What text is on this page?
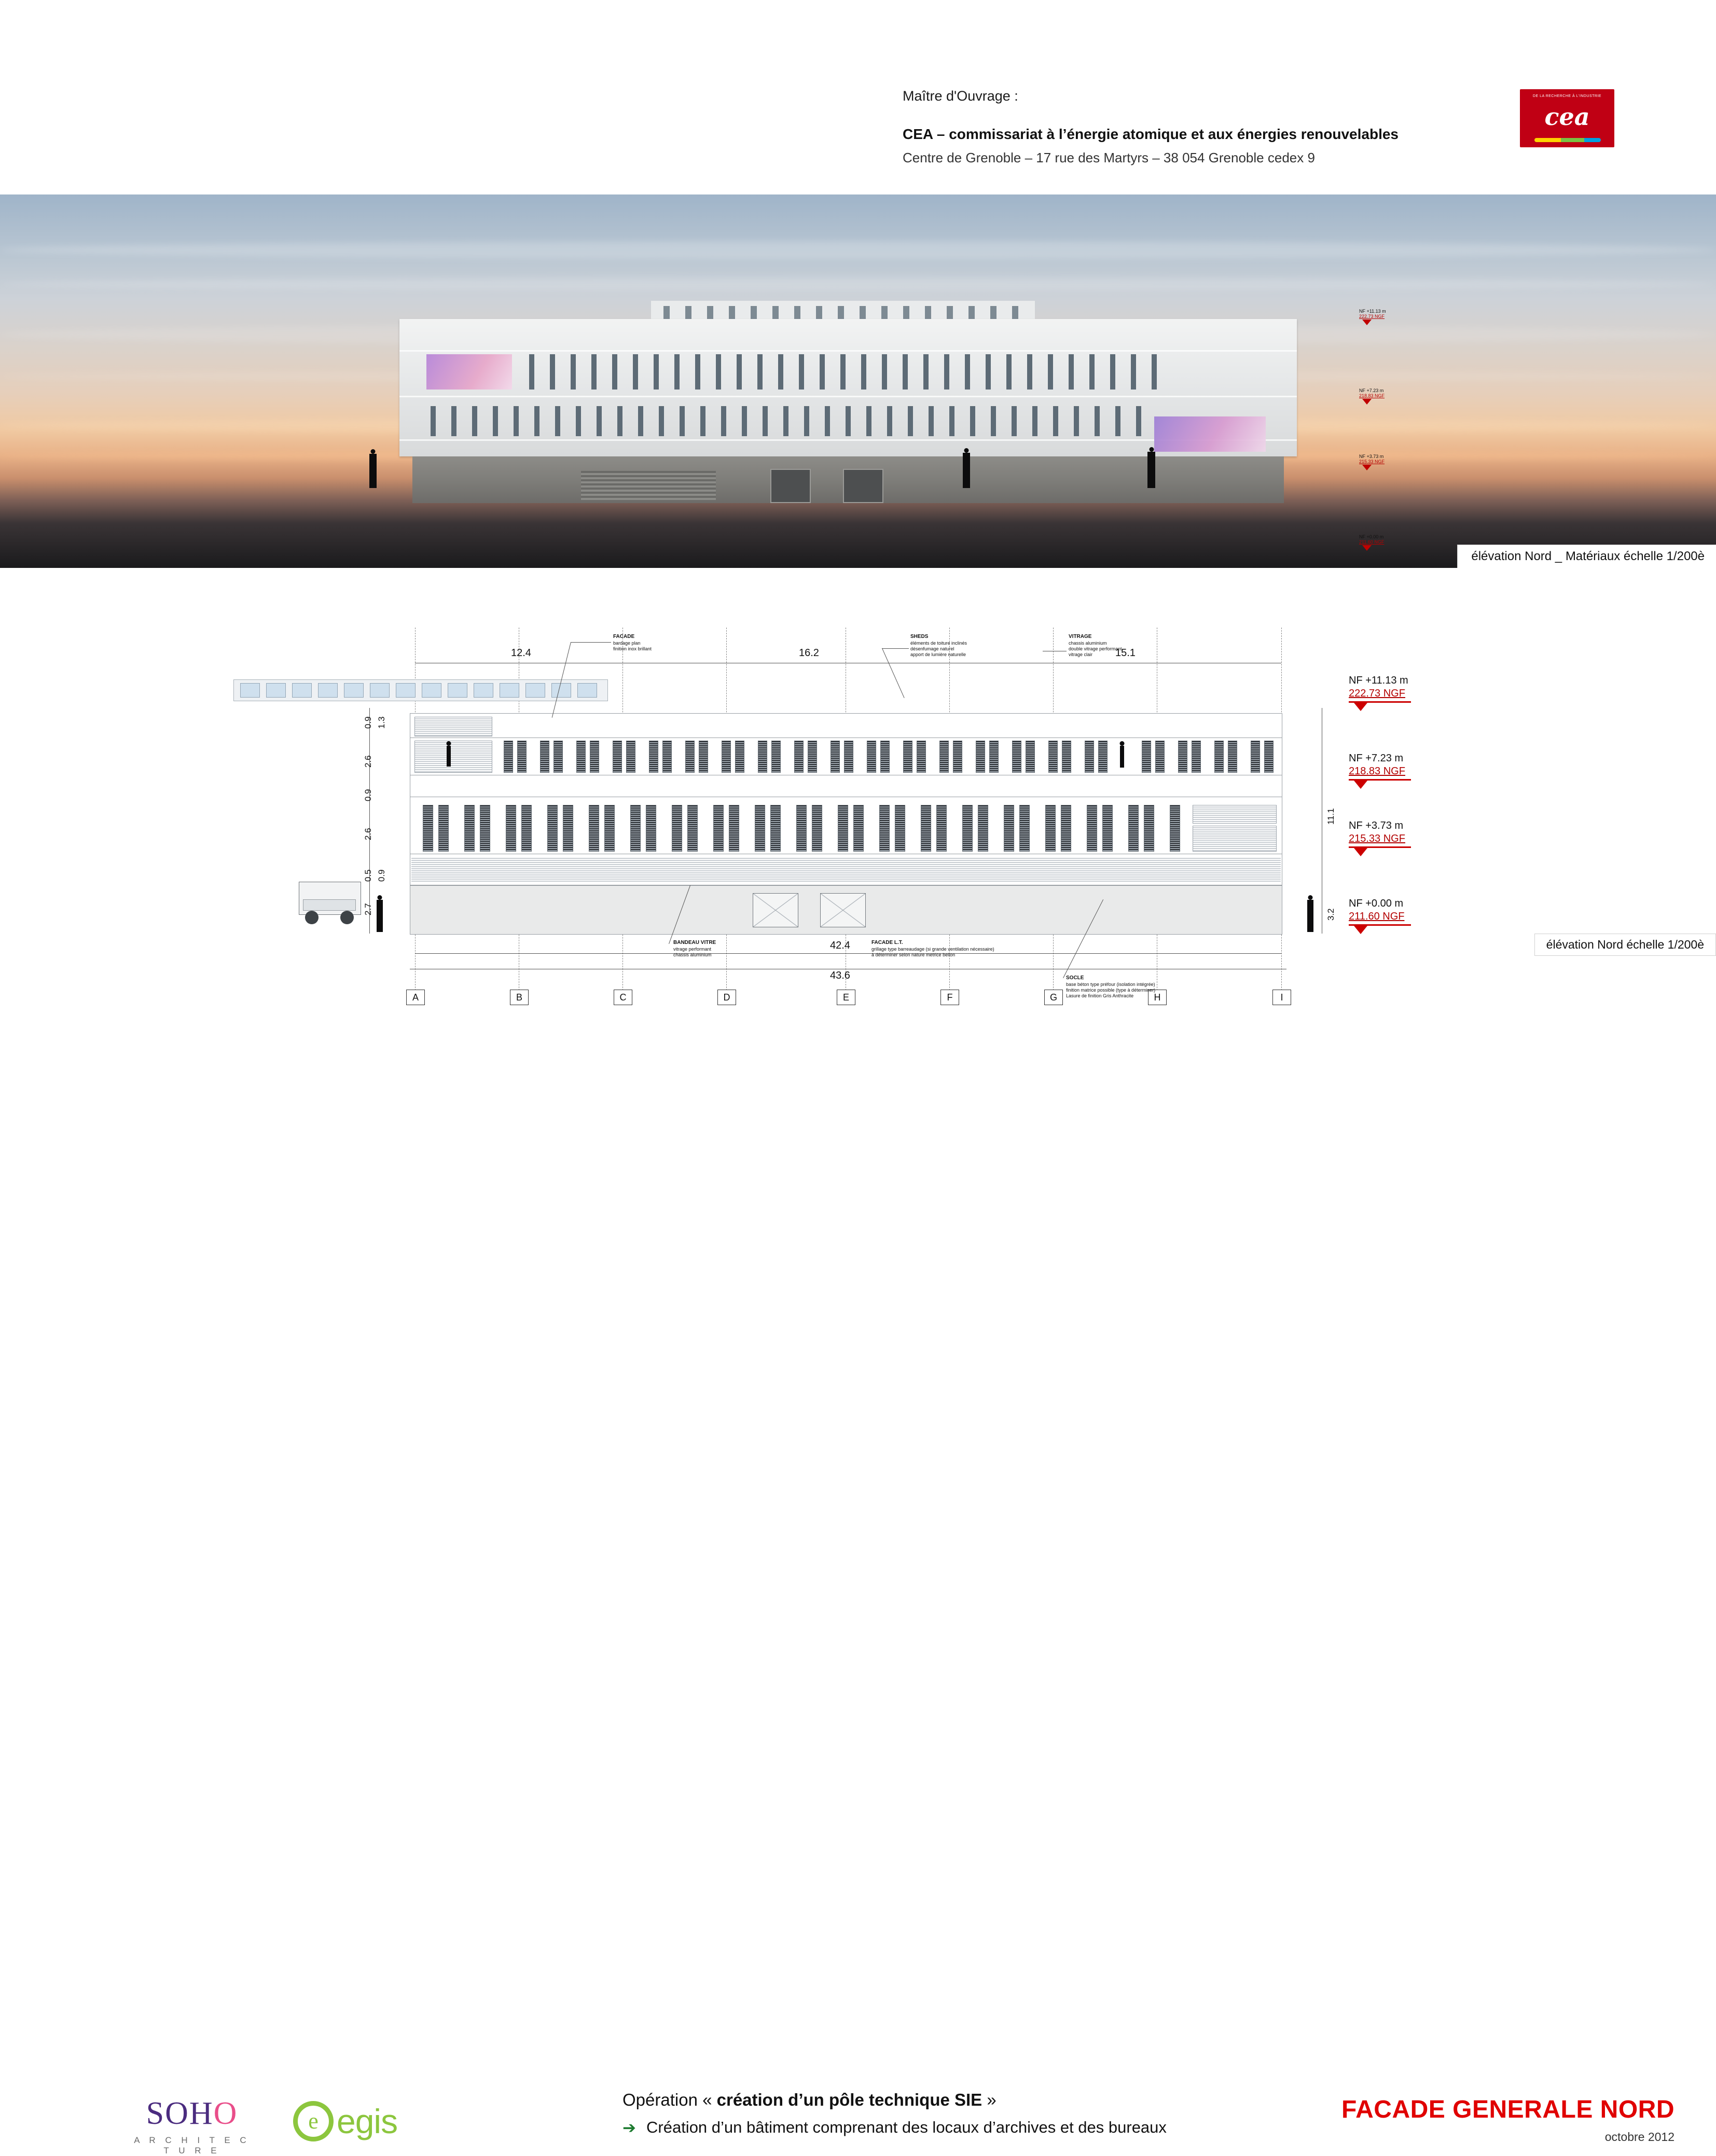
Maître d'Ouvrage :
CEA – commissariat à l’énergie atomique et aux énergies renouvelables
Centre de Grenoble – 17 rue des Martyrs – 38 054 Grenoble cedex 9
DE LA RECHERCHE À L'INDUSTRIE
cea
NF +11.13 m
222.73 NGF
NF +7.23 m
218.83 NGF
NF +3.73 m
215.33 NGF
NF +0.00 m
211.60 NGF
élévation Nord _ Matériaux échelle 1/200è
12.4	16.2	15.1
0.9 1.3
2.6
0.9
2.6
0.5 0.9
2.7
11.1
3.2
42.4
43.6
A	B	C	D	E	F	G	H	I
FACADE
bardage plan
finition inox brillant
SHEDS
éléments de toiture inclinés
désenfumage naturel
apport de lumière naturelle
VITRAGE
chassis aluminium
double vitrage performant
vitrage clair
BANDEAU VITRE
vitrage performant
chassis aluminium
FACADE L.T.
grillage type barreaudage (si grande ventilation nécessaire)
à déterminer selon nature metrice bellon
SOCLE
base béton type préfour (isolation intégrée)
finition matrice possible (type à déterminer)
Lasure de finition Gris Anthracite
NF +11.13 m
222.73 NGF
NF +7.23 m
218.83 NGF
NF +3.73 m
215.33 NGF
NF +0.00 m
211.60 NGF
élévation Nord échelle 1/200è
SOHO
A R C H I T E C T U R E
e egis
Opération « création d’un pôle technique SIE »
➔ Création d’un bâtiment comprenant des locaux d’archives et des bureaux
FACADE GENERALE NORD
octobre 2012
